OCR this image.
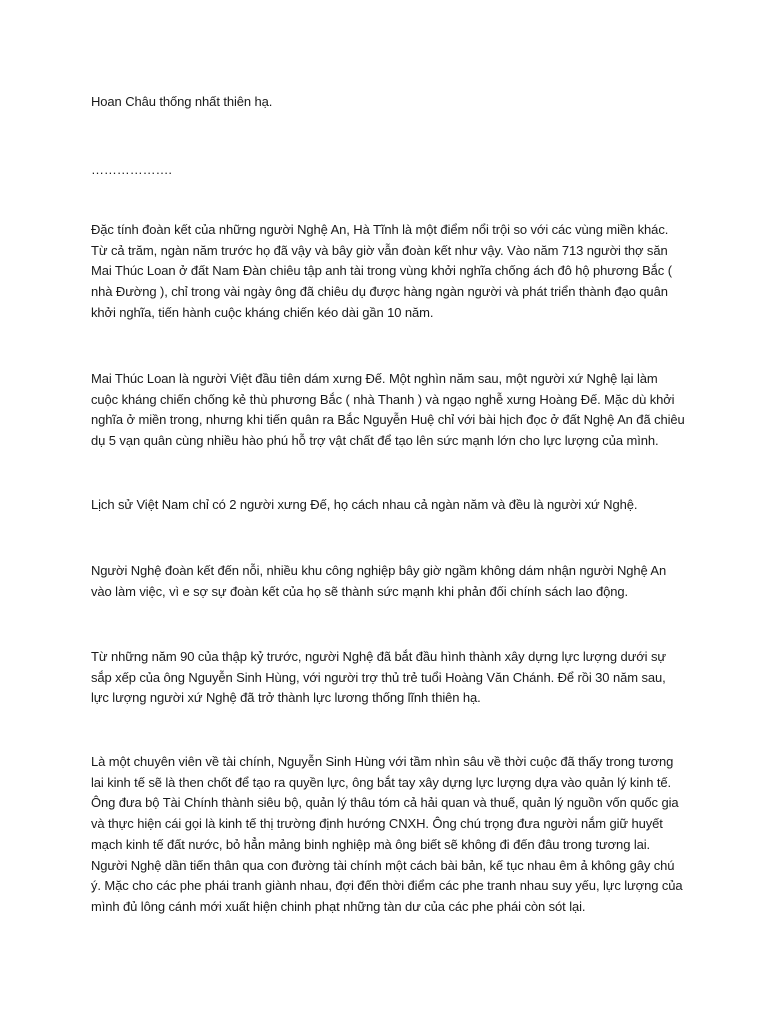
Hoan Châu thống nhất thiên hạ.

……………….

Đặc tính đoàn kết của những người Nghệ An, Hà Tĩnh là một điểm nổi trội so với các vùng miền khác. Từ cả trăm, ngàn năm trước họ đã vậy và bây giờ vẫn đoàn kết như vậy. Vào năm 713 người thợ săn Mai Thúc Loan ở đất Nam Đàn chiêu tập anh tài trong vùng khởi nghĩa chống ách đô hộ phương Bắc ( nhà Đường ), chỉ trong vài ngày ông đã chiêu dụ được hàng ngàn người và phát triển thành đạo quân khởi nghĩa, tiến hành cuộc kháng chiến kéo dài gần 10 năm.

Mai Thúc Loan là người Việt đầu tiên dám xưng Đế. Một nghìn năm sau, một người xứ Nghệ lại làm cuộc kháng chiến chống kẻ thù phương Bắc ( nhà Thanh ) và ngạo nghễ xưng Hoàng Đế. Mặc dù khởi nghĩa ở miền trong, nhưng khi tiến quân ra Bắc Nguyễn Huệ chỉ với bài hịch đọc ở đất Nghệ An đã chiêu dụ 5 vạn quân cùng nhiều hào phú hỗ trợ vật chất để tạo lên sức mạnh lớn cho lực lượng của mình.

Lịch sử Việt Nam chỉ có 2 người xưng Đế, họ cách nhau cả ngàn năm và đều là người xứ Nghệ.

Người Nghệ đoàn kết đến nỗi, nhiều khu công nghiệp bây giờ ngầm không dám nhận người Nghệ An vào làm việc, vì e sợ sự đoàn kết của họ sẽ thành sức mạnh khi phản đối chính sách lao động.

Từ những năm 90 của thập kỷ trước, người Nghệ đã bắt đầu hình thành xây dựng lực lượng dưới sự sắp xếp của ông Nguyễn Sinh Hùng, với người trợ thủ trẻ tuổi Hoàng Văn Chánh. Để rồi 30 năm sau, lực lượng người xứ Nghệ đã trở thành lực lương thống lĩnh thiên hạ.

Là một chuyên viên về tài chính, Nguyễn Sinh Hùng với tầm nhìn sâu về thời cuộc đã thấy trong tương lai kinh tế sẽ là then chốt để tạo ra quyền lực, ông bắt tay xây dựng lực lượng dựa vào quản lý kinh tế. Ông đưa bộ Tài Chính thành siêu bộ, quản lý thâu tóm cả hải quan và thuế, quản lý nguồn vốn quốc gia và thực hiện cái gọi là kinh tế thị trường định hướng CNXH. Ông chú trọng đưa người nắm giữ huyết mạch kinh tế đất nước, bỏ hẳn mảng binh nghiệp mà ông biết sẽ không đi đến đâu trong tương lai. Người Nghệ dần tiến thân qua con đường tài chính một cách bài bản, kế tục nhau êm ả không gây chú ý. Mặc cho các phe phái tranh giành nhau, đợi đến thời điểm các phe tranh nhau suy yếu, lực lượng của mình đủ lông cánh mới xuất hiện chinh phạt những tàn dư của các phe phái còn sót lại.
